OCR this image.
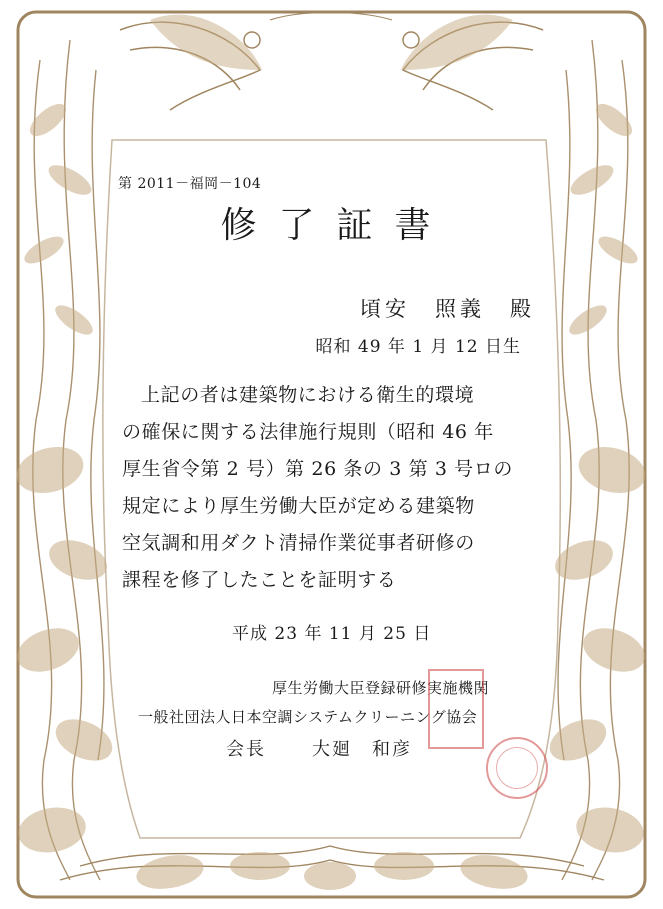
第 2011－福岡－104
修了証書
頃安　照義　殿
昭和 49 年 1 月 12 日生
上記の者は建築物における衛生的環境
の確保に関する法律施行規則（昭和 46 年
厚生省令第 2 号）第 26 条の 3 第 3 号ロの
規定により厚生労働大臣が定める建築物
空気調和用ダクト清掃作業従事者研修の
課程を修了したことを証明する
平成 23 年 11 月 25 日
厚生労働大臣登録研修実施機関
一般社団法人日本空調システムクリーニング協会
会長	大廻　和彦
